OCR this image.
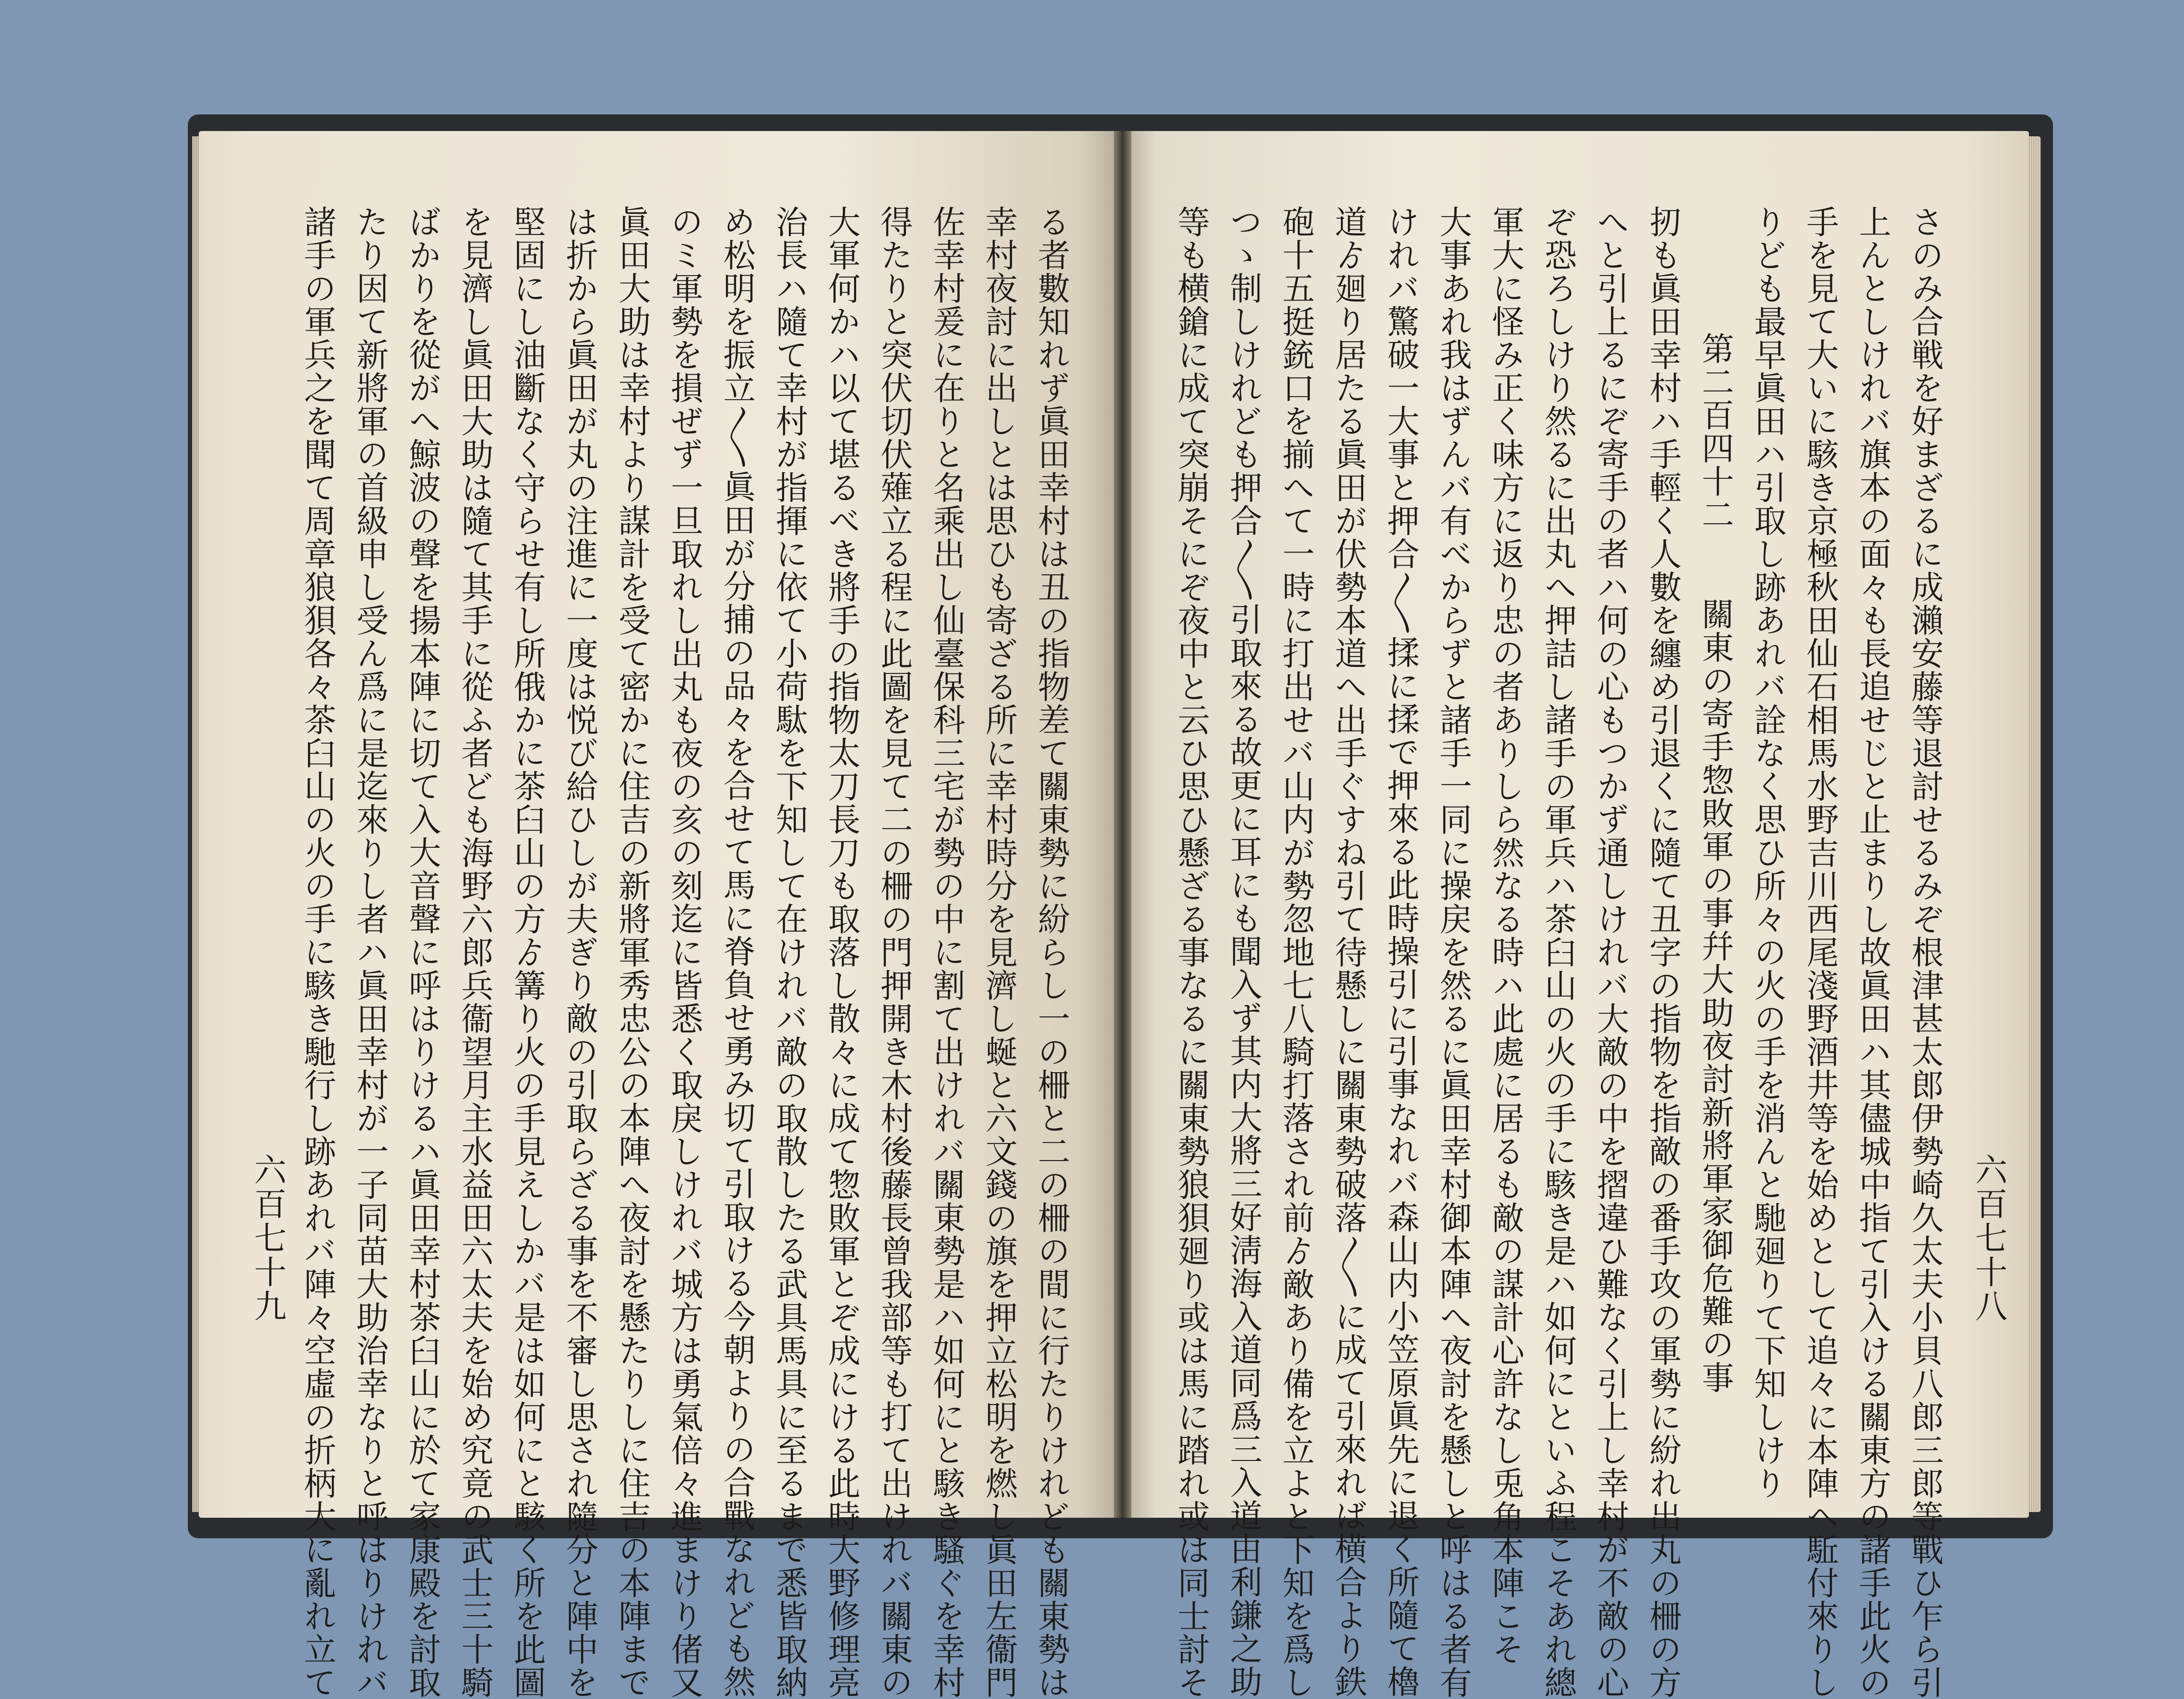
さのみ合戦を好まざるに成瀨安藤等退討せるみぞ根津甚太郎伊勢崎久太夫小貝八郎三郎等戰ひ乍ら引
上んとしけれバ旗本の面々も長追せじと止まりし故眞田ハ其儘城中指て引入ける關東方の諸手此火の
手を見て大いに駭き京極秋田仙石相馬水野吉川西尾淺野酒井等を始めとして追々に本陣へ駈付來りし
りども最早眞田ハ引取し跡あれバ詮なく思ひ所々の火の手を消んと馳廻りて下知しけり
第二百四十二　　關東の寄手惣敗軍の事幷大助夜討新將軍家御危難の事
扨も眞田幸村ハ手輕く人數を纏め引退くに隨て丑字の指物を指敵の番手攻の軍勢に紛れ出丸の柵の方
へと引上るにぞ寄手の者ハ何の心もつかず通しけれバ大敵の中を摺違ひ難なく引上し幸村が不敵の心
ぞ恐ろしけり然るに出丸へ押詰し諸手の軍兵ハ茶臼山の火の手に駭き是ハ如何にといふ程こそあれ總
軍大に怪み正く味方に返り忠の者ありしら然なる時ハ此處に居るも敵の謀計心許なし兎角本陣こそ
大事あれ我はずんバ有べからずと諸手一同に操戻を然るに眞田幸村御本陣へ夜討を懸しと呼はる者有
けれバ驚破一大事と押合〳〵揉に揉で押來る此時操引に引事なれバ森山内小笠原眞先に退く所隨て櫓
道ゟ廻り居たる眞田が伏勢本道へ出手ぐすね引て待懸しに關東勢破落〳〵に成て引來れば横合より鉄
砲十五挺銃口を揃へて一時に打出せバ山内が勢忽地七八騎打落され前ゟ敵あり備を立よと下知を爲し
つゝ制しけれども押合〳〵引取來る故更に耳にも聞入ず其内大將三好淸海入道同爲三入道由利鎌之助
等も横鎗に成て突崩そにぞ夜中と云ひ思ひ懸ざる事なるに關東勢狼狽廻り或は馬に踏れ或は同士討そ	六百七十八
る者數知れず眞田幸村は丑の指物差て關東勢に紛らし一の柵と二の柵の間に行たりけれども關東勢は
幸村夜討に出しとは思ひも寄ざる所に幸村時分を見濟し蜒と六文錢の旗を押立松明を燃し眞田左衞門
佐幸村爰に在りと名乘出し仙臺保科三宅が勢の中に割て出けれバ關東勢是ハ如何にと駭き騷ぐを幸村
得たりと突伏切伏薙立る程に此圖を見て二の柵の門押開き木村後藤長曾我部等も打て出けれバ關東の
大軍何かハ以て堪るべき將手の指物太刀長刀も取落し散々に成て惣敗軍とぞ成にける此時大野修理亮
治長ハ隨て幸村が指揮に依て小荷駄を下知して在けれバ敵の取散したる武具馬具に至るまで悉皆取納
め松明を振立〳〵眞田が分捕の品々を合せて馬に脊負せ勇み切て引取ける今朝よりの合戰なれども然
のミ軍勢を損ぜず一旦取れし出丸も夜の亥の刻迄に皆悉く取戾しけれバ城方は勇氣倍々進まけり偖又
眞田大助は幸村より謀計を受て密かに住吉の新將軍秀忠公の本陣へ夜討を懸たりしに住吉の本陣まで
は折から眞田が丸の注進に一度は悦び給ひしが夫ぎり敵の引取らざる事を不審し思され隨分と陣中を
堅固にし油斷なく守らせ有し所俄かに茶臼山の方ゟ篝り火の手見えしかバ是は如何にと駭く所を此圖
を見濟し眞田大助は隨て其手に從ふ者ども海野六郎兵衞望月主水益田六太夫を始め究竟の武士三十騎
ばかりを從がへ鯨波の聲を揚本陣に切て入大音聲に呼はりけるハ眞田幸村茶臼山に於て家康殿を討取
たり因て新將軍の首級申し受ん爲に是迄來りし者ハ眞田幸村が一子同苗大助治幸なりと呼はりけれバ
諸手の軍兵之を聞て周章狼狽各々茶臼山の火の手に駭き馳行し跡あれバ陣々空虛の折柄大に亂れ立て
六百七十九
